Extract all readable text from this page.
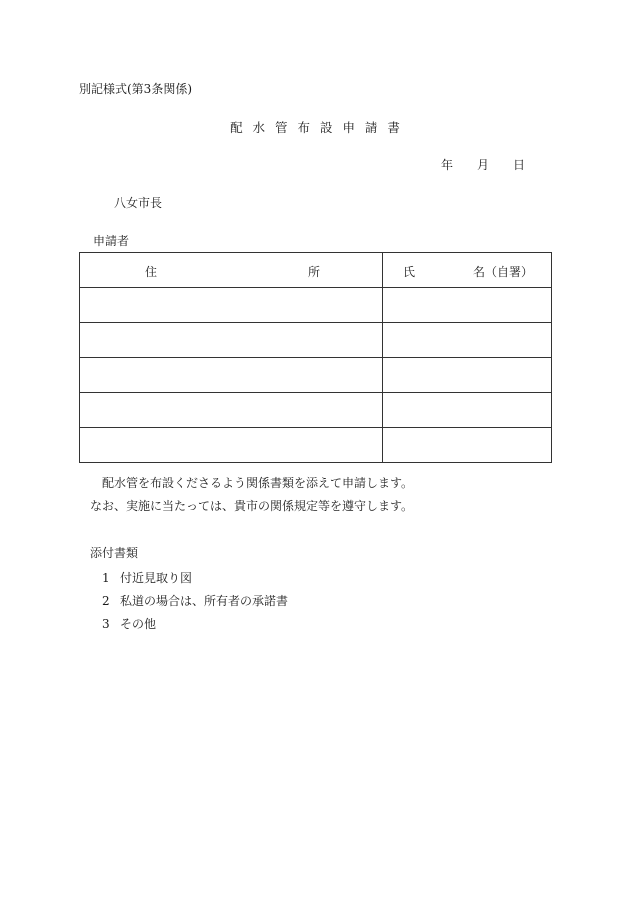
別記様式(第3条関係)
配 水 管 布 設 申 請 書
年 月 日
八女市長
申請者
住 所	氏 名（自署）

配水管を布設くださるよう関係書類を添えて申請します。
なお、実施に当たっては、貴市の関係規定等を遵守します。
添付書類
1 付近見取り図
2 私道の場合は、所有者の承諾書
3 その他
